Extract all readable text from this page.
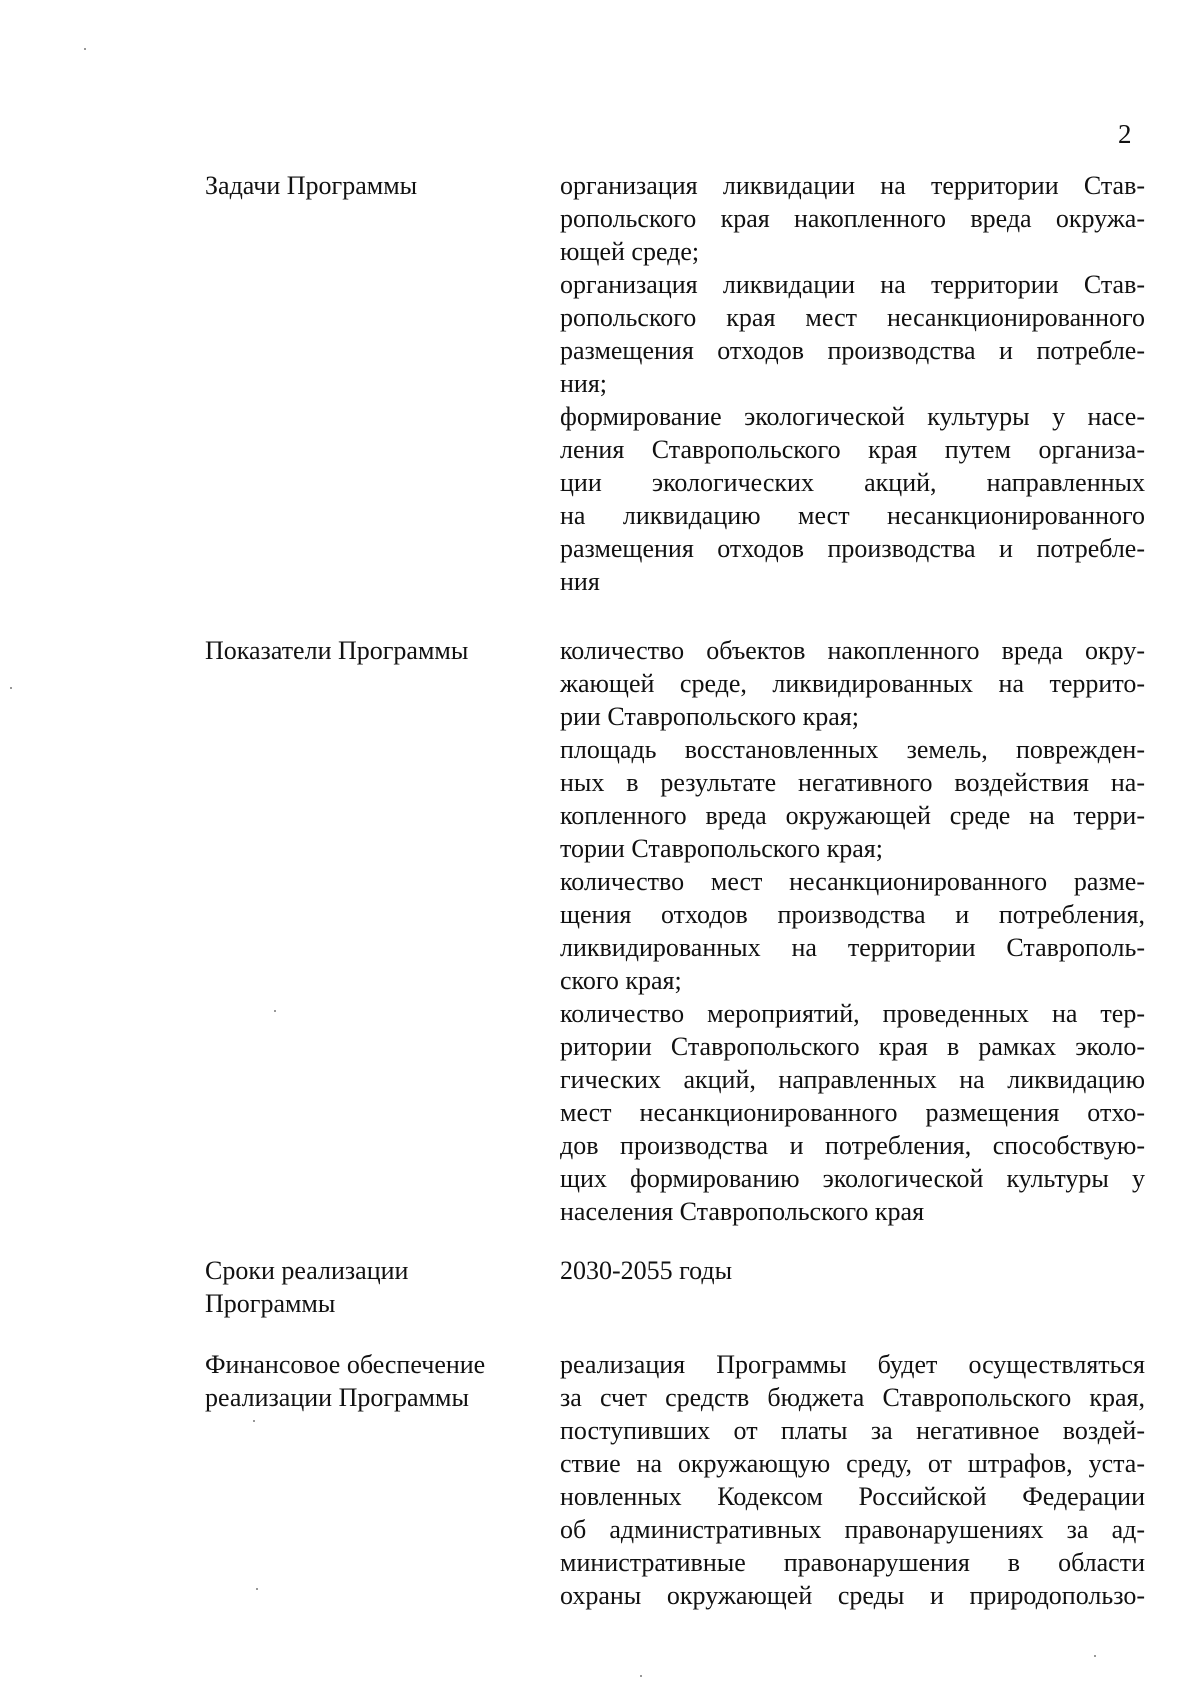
2
Задачи Программы	организация ликвидации на территории Став-
ропольского края накопленного вреда окружа-
ющей среде;
организация ликвидации на территории Став-
ропольского края мест несанкционированного
размещения отходов производства и потребле-
ния;
формирование экологической культуры у насе-
ления Ставропольского края путем организа-
ции экологических акций, направленных
на ликвидацию мест несанкционированного
размещения отходов производства и потребле-
ния
Показатели Программы	количество объектов накопленного вреда окру-
жающей среде, ликвидированных на террито-
рии Ставропольского края;
площадь восстановленных земель, поврежден-
ных в результате негативного воздействия на-
копленного вреда окружающей среде на терри-
тории Ставропольского края;
количество мест несанкционированного разме-
щения отходов производства и потребления,
ликвидированных на территории Ставрополь-
ского края;
количество мероприятий, проведенных на тер-
ритории Ставропольского края в рамках эколо-
гических акций, направленных на ликвидацию
мест несанкционированного размещения отхо-
дов производства и потребления, способствую-
щих формированию экологической культуры у
населения Ставропольского края
Сроки реализации
Программы
2030-2055 годы
Финансовое обеспечение
реализации Программы
реализация Программы будет осуществляться
за счет средств бюджета Ставропольского края,
поступивших от платы за негативное воздей-
ствие на окружающую среду, от штрафов, уста-
новленных Кодексом Российской Федерации
об административных правонарушениях за ад-
министративные правонарушения в области
охраны окружающей среды и природопользо-
